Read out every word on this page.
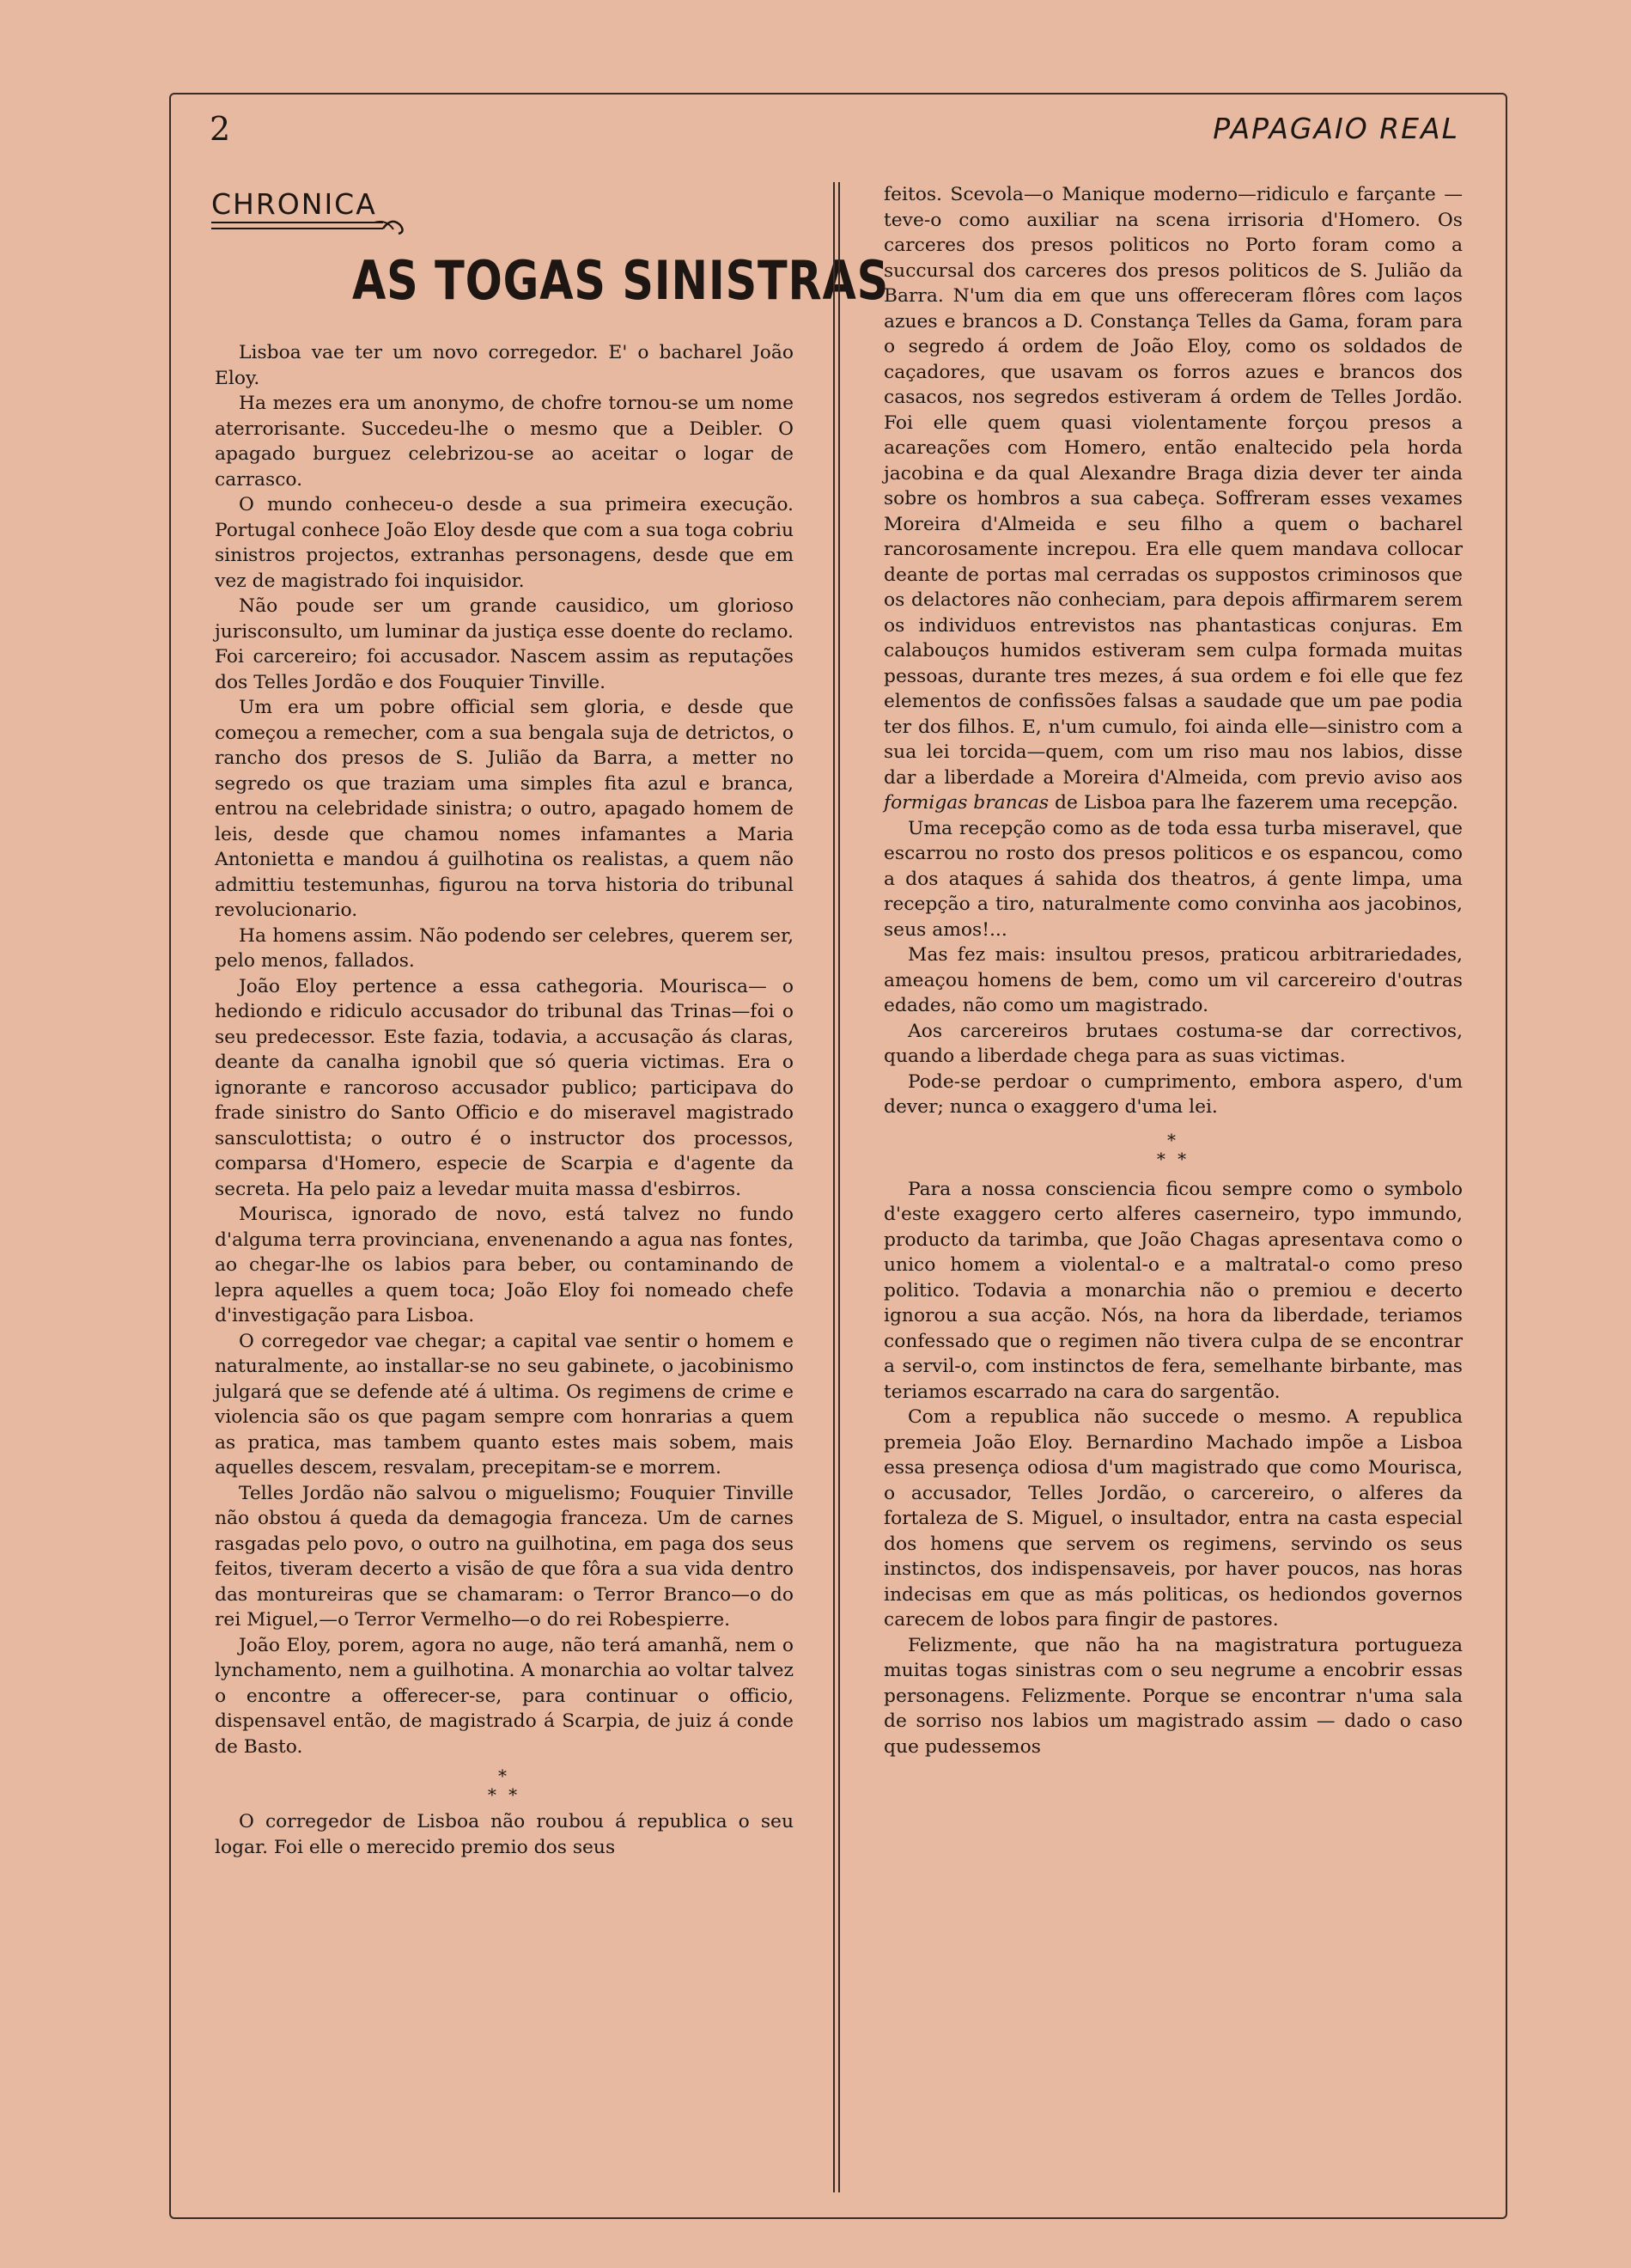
2	PAPAGAIO REAL
CHRONICA
AS TOGAS SINISTRAS

Lisboa vae ter um novo corregedor. E' o bacharel João Eloy.

Ha mezes era um anonymo, de chofre tornou-se um nome aterrorisante. Succedeu-lhe o mesmo que a Deibler. O apagado burguez celebrizou-se ao aceitar o logar de carrasco.

O mundo conheceu-o desde a sua primeira execução. Portugal conhece João Eloy desde que com a sua toga cobriu sinistros projectos, extranhas personagens, desde que em vez de magistrado foi inquisidor.

Não poude ser um grande causidico, um glorioso jurisconsulto, um luminar da justiça esse doente do reclamo. Foi carcereiro; foi accusador. Nascem assim as reputações dos Telles Jordão e dos Fouquier Tinville.

Um era um pobre official sem gloria, e desde que começou a remecher, com a sua bengala suja de detrictos, o rancho dos presos de S. Julião da Barra, a metter no segredo os que traziam uma simples fita azul e branca, entrou na celebridade sinistra; o outro, apagado homem de leis, desde que chamou nomes infamantes a Maria Antonietta e mandou á guilhotina os realistas, a quem não admittiu testemunhas, figurou na torva historia do tribunal revolucionario.

Ha homens assim. Não podendo ser celebres, querem ser, pelo menos, fallados.

João Eloy pertence a essa cathegoria. Mourisca— o hediondo e ridiculo accusador do tribunal das Trinas—foi o seu predecessor. Este fazia, todavia, a accusação ás claras, deante da canalha ignobil que só queria victimas. Era o ignorante e rancoroso accusador publico; participava do frade sinistro do Santo Officio e do miseravel magistrado sansculottista; o outro é o instructor dos processos, comparsa d'Homero, especie de Scarpia e d'agente da secreta. Ha pelo paiz a levedar muita massa d'esbirros.

Mourisca, ignorado de novo, está talvez no fundo d'alguma terra provinciana, envenenando a agua nas fontes, ao chegar-lhe os labios para beber, ou contaminando de lepra aquelles a quem toca; João Eloy foi nomeado chefe d'investigação para Lisboa.

O corregedor vae chegar; a capital vae sentir o homem e naturalmente, ao installar-se no seu gabinete, o jacobinismo julgará que se defende até á ultima. Os regimens de crime e violencia são os que pagam sempre com honrarias a quem as pratica, mas tambem quanto estes mais sobem, mais aquelles descem, resvalam, precepitam-se e morrem.

Telles Jordão não salvou o miguelismo; Fouquier Tinville não obstou á queda da demagogia franceza. Um de carnes rasgadas pelo povo, o outro na guilhotina, em paga dos seus feitos, tiveram decerto a visão de que fôra a sua vida dentro das montureiras que se chamaram: o Terror Branco—o do rei Miguel,—o Terror Vermelho—o do rei Robespierre.

João Eloy, porem, agora no auge, não terá amanhã, nem o lynchamento, nem a guilhotina. A monarchia ao voltar talvez o encontre a offerecer-se, para continuar o officio, dispensavel então, de magistrado á Scarpia, de juiz á conde de Basto.

*
* *

O corregedor de Lisboa não roubou á republica o seu logar. Foi elle o merecido premio dos seus

feitos. Scevola—o Manique moderno—ridiculo e farçante — teve-o como auxiliar na scena irrisoria d'Homero. Os carceres dos presos politicos no Porto foram como a succursal dos carceres dos presos politicos de S. Julião da Barra. N'um dia em que uns offereceram flôres com laços azues e brancos a D. Constança Telles da Gama, foram para o segredo á ordem de João Eloy, como os soldados de caçadores, que usavam os forros azues e brancos dos casacos, nos segredos estiveram á ordem de Telles Jordão. Foi elle quem quasi violentamente forçou presos a acareações com Homero, então enaltecido pela horda jacobina e da qual Alexandre Braga dizia dever ter ainda sobre os hombros a sua cabeça. Soffreram esses vexames Moreira d'Almeida e seu filho a quem o bacharel rancorosamente increpou. Era elle quem mandava collocar deante de portas mal cerradas os suppostos criminosos que os delactores não conheciam, para depois affirmarem serem os individuos entrevistos nas phantasticas conjuras. Em calabouços humidos estiveram sem culpa formada muitas pessoas, durante tres mezes, á sua ordem e foi elle que fez elementos de confissões falsas a saudade que um pae podia ter dos filhos. E, n'um cumulo, foi ainda elle—sinistro com a sua lei torcida—quem, com um riso mau nos labios, disse dar a liberdade a Moreira d'Almeida, com previo aviso aos formigas brancas de Lisboa para lhe fazerem uma recepção.

Uma recepção como as de toda essa turba miseravel, que escarrou no rosto dos presos politicos e os espancou, como a dos ataques á sahida dos theatros, á gente limpa, uma recepção a tiro, naturalmente como convinha aos jacobinos, seus amos!...

Mas fez mais: insultou presos, praticou arbitrariedades, ameaçou homens de bem, como um vil carcereiro d'outras edades, não como um magistrado.

Aos carcereiros brutaes costuma-se dar correctivos, quando a liberdade chega para as suas victimas.

Pode-se perdoar o cumprimento, embora aspero, d'um dever; nunca o exaggero d'uma lei.

*
* *

Para a nossa consciencia ficou sempre como o symbolo d'este exaggero certo alferes caserneiro, typo immundo, producto da tarimba, que João Chagas apresentava como o unico homem a violental-o e a maltratal-o como preso politico. Todavia a monarchia não o premiou e decerto ignorou a sua acção. Nós, na hora da liberdade, teriamos confessado que o regimen não tivera culpa de se encontrar a servil-o, com instinctos de fera, semelhante birbante, mas teriamos escarrado na cara do sargentão.

Com a republica não succede o mesmo. A republica premeia João Eloy. Bernardino Machado impõe a Lisboa essa presença odiosa d'um magistrado que como Mourisca, o accusador, Telles Jordão, o carcereiro, o alferes da fortaleza de S. Miguel, o insultador, entra na casta especial dos homens que servem os regimens, servindo os seus instinctos, dos indispensaveis, por haver poucos, nas horas indecisas em que as más politicas, os hediondos governos carecem de lobos para fingir de pastores.

Felizmente, que não ha na magistratura portugueza muitas togas sinistras com o seu negrume a encobrir essas personagens. Felizmente. Porque se encontrar n'uma sala de sorriso nos labios um magistrado assim — dado o caso que pudessemos
